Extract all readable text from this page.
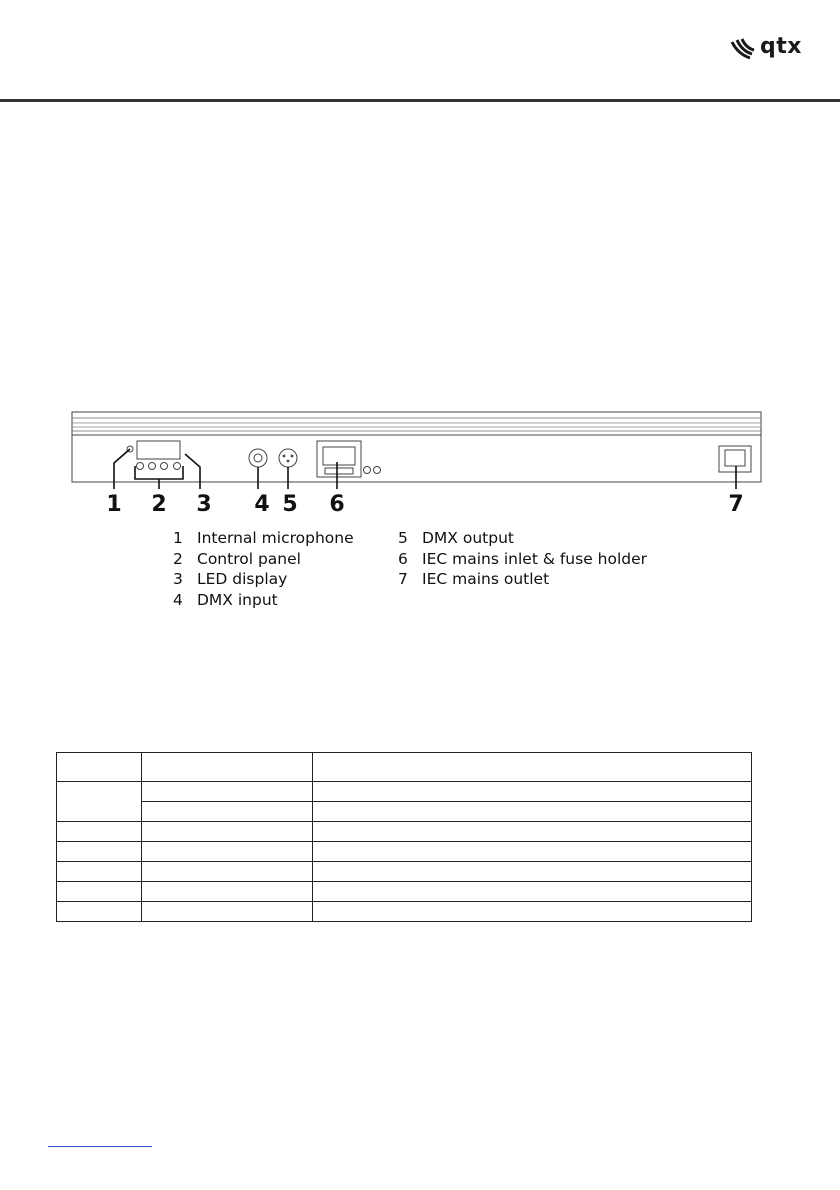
qtx
1 2 3 4 5 6	7
1 Internal microphone
2 Control panel
3 LED display
4 DMX input
5 DMX output
6 IEC mains inlet & fuse holder
7 IEC mains outlet
